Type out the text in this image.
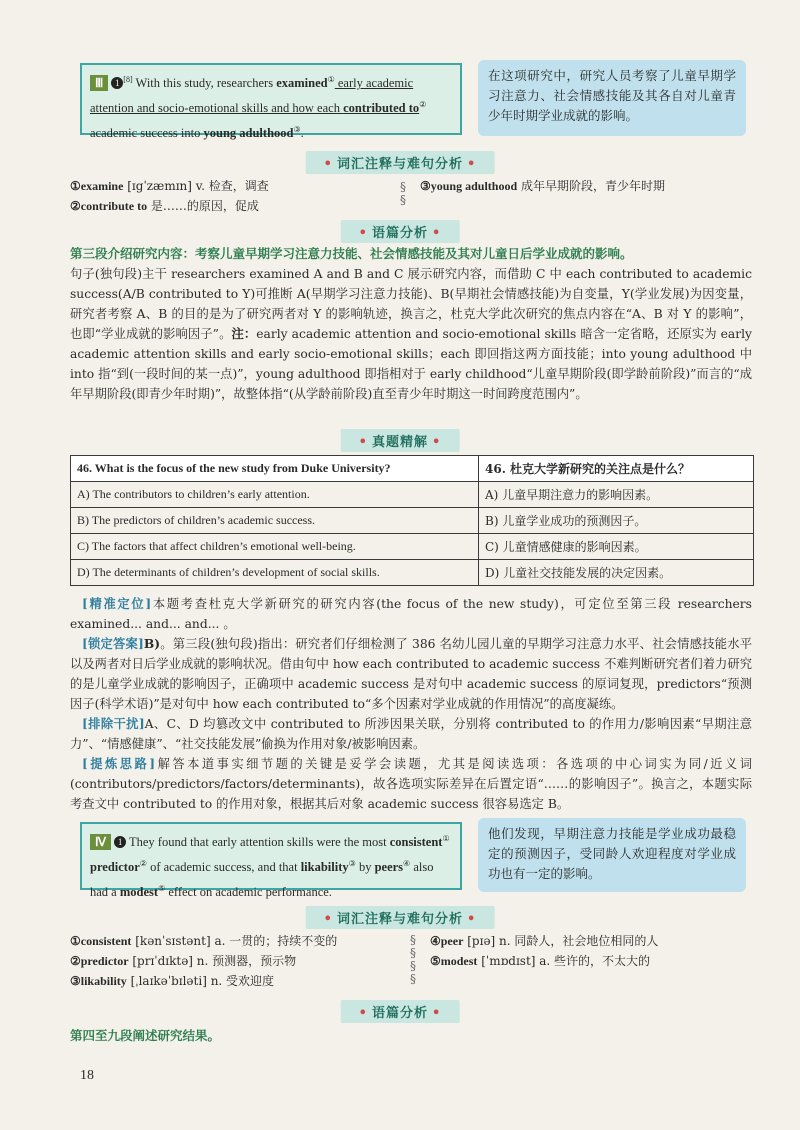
Ⅲ 1 [8] With this study, researchers examined① early academic attention and socio-emotional skills and how each contributed to② academic success into young adulthood③.
在这项研究中，研究人员考察了儿童早期学习注意力、社会情感技能及其各自对儿童青少年时期学业成就的影响。
• 词汇注释与难句分析 •
①examine [ɪgˈzæmɪn] v. 检查，调查
②contribute to 是……的原因，促成
§
§
③young adulthood 成年早期阶段，青少年时期
• 语篇分析 •
第三段介绍研究内容：考察儿童早期学习注意力技能、社会情感技能及其对儿童日后学业成就的影响。
句子(独句段)主干 researchers examined A and B and C 展示研究内容，而借助 C 中 each contributed to academic success(A/B contributed to Y)可推断 A(早期学习注意力技能)、B(早期社会情感技能)为自变量，Y(学业发展)为因变量，研究者考察 A、B 的目的是为了研究两者对 Y 的影响轨迹，换言之，杜克大学此次研究的焦点内容在“A、B 对 Y 的影响”，也即“学业成就的影响因子”。注：early academic attention and socio-emotional skills 暗含一定省略，还原实为 early academic attention skills and early socio-emotional skills；each 即回指这两方面技能；into young adulthood 中 into 指“到(一段时间的某一点)”，young adulthood 即指相对于 early childhood“儿童早期阶段(即学龄前阶段)”而言的“成年早期阶段(即青少年时期)”，故整体指“(从学龄前阶段)直至青少年时期这一时间跨度范围内”。
• 真题精解 •
46. What is the focus of the new study from Duke University?	46. 杜克大学新研究的关注点是什么？
A) The contributors to children’s early attention.	A) 儿童早期注意力的影响因素。
B) The predictors of children’s academic success.	B) 儿童学业成功的预测因子。
C) The factors that affect children’s emotional well-being.	C) 儿童情感健康的影响因素。
D) The determinants of children’s development of social skills.	D) 儿童社交技能发展的决定因素。
[精准定位]本题考查杜克大学新研究的研究内容(the focus of the new study)，可定位至第三段 researchers examined... and... and... 。
[锁定答案]B)。第三段(独句段)指出：研究者们仔细检测了 386 名幼儿园儿童的早期学习注意力水平、社会情感技能水平以及两者对日后学业成就的影响状况。借由句中 how each contributed to academic success 不难判断研究者们着力研究的是儿童学业成就的影响因子，正确项中 academic success 是对句中 academic success 的原词复现，predictors“预测因子(科学术语)”是对句中 how each contributed to“多个因素对学业成就的作用情况”的高度凝练。
[排除干扰]A、C、D 均篡改文中 contributed to 所涉因果关联，分别将 contributed to 的作用力/影响因素“早期注意力”、“情感健康”、“社交技能发展”偷换为作用对象/被影响因素。
[提炼思路]解答本道事实细节题的关键是妥学会读题，尤其是阅读选项：各选项的中心词实为同/近义词(contributors/predictors/factors/determinants)，故各选项实际差异在后置定语“……的影响因子”。换言之，本题实际考查文中 contributed to 的作用对象，根据其后对象 academic success 很容易选定 B。
Ⅳ 1 They found that early attention skills were the most consistent① predictor② of academic success, and that likability③ by peers④ also had a modest⑤ effect on academic performance.
他们发现，早期注意力技能是学业成功最稳定的预测因子，受同龄人欢迎程度对学业成功也有一定的影响。
• 词汇注释与难句分析 •
①consistent [kənˈsɪstənt] a. 一贯的；持续不变的
②predictor [prɪˈdɪktə] n. 预测器，预示物
③likability [ˌlaɪkəˈbɪləti] n. 受欢迎度
§
§
§
§
④peer [pɪə] n. 同龄人，社会地位相同的人
⑤modest [ˈmɒdɪst] a. 些许的，不太大的
• 语篇分析 •
第四至九段阐述研究结果。
18
